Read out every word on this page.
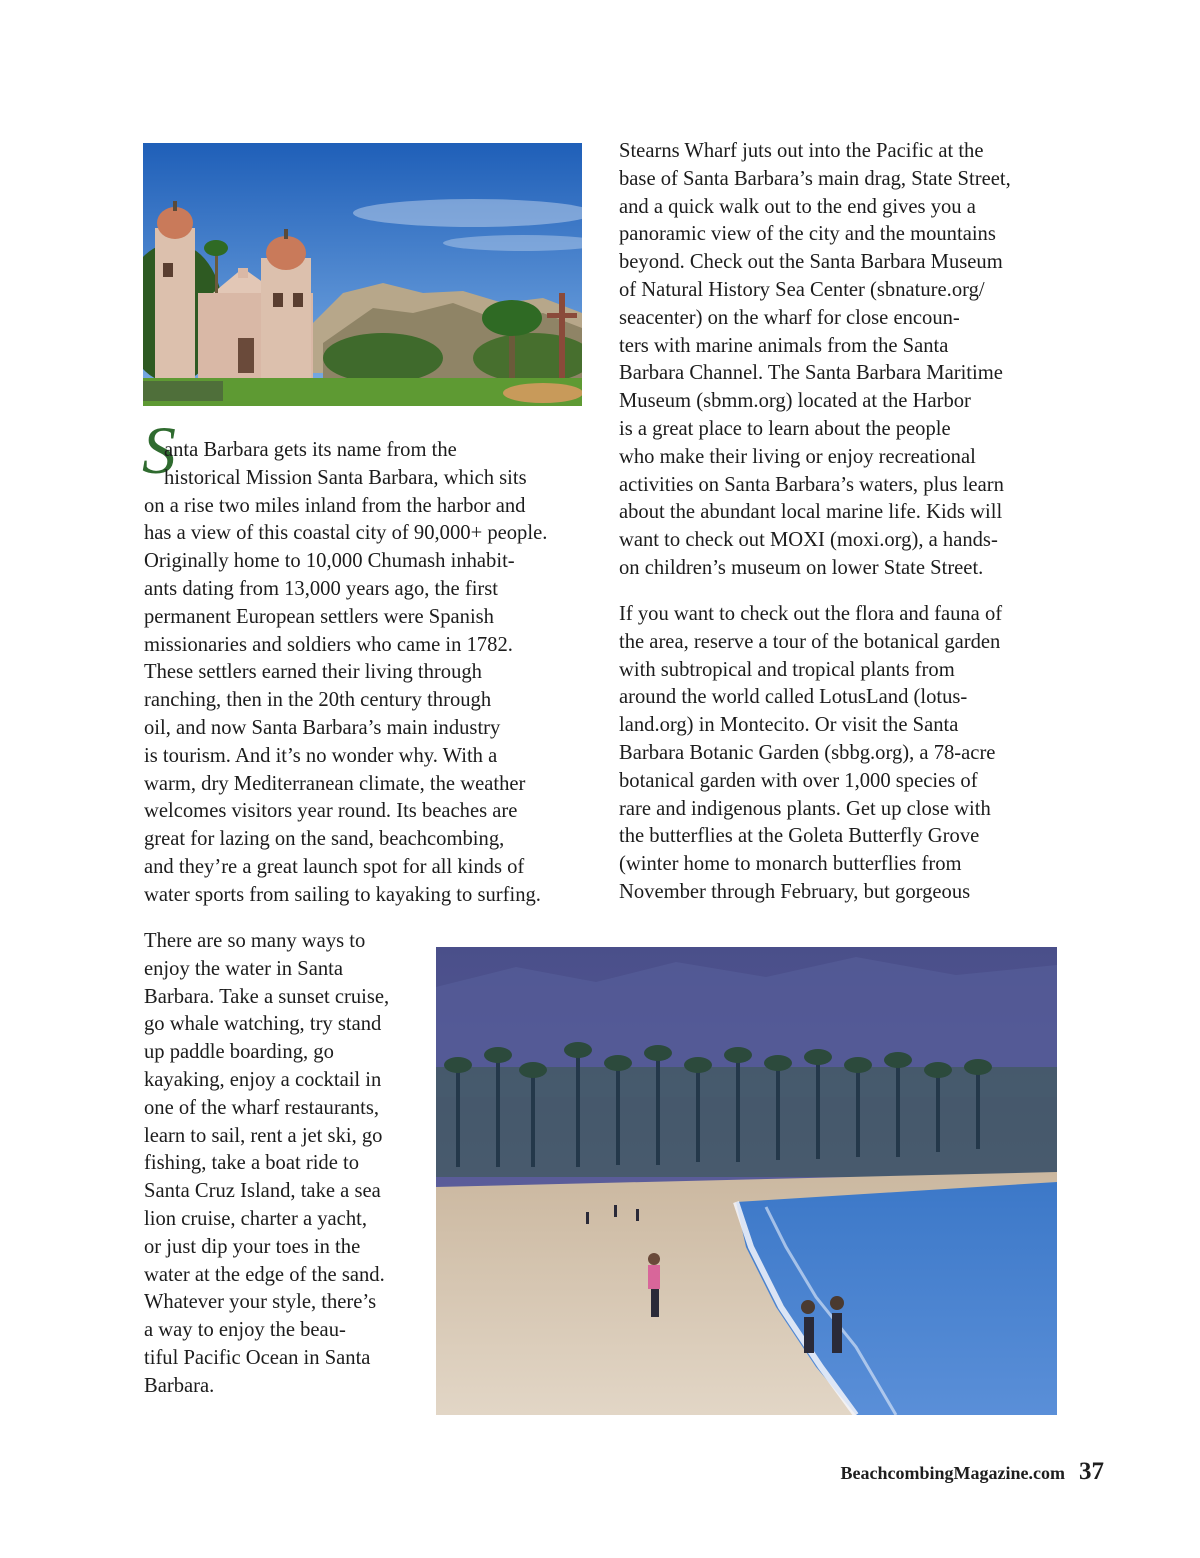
S

anta Barbara gets its name from the
historical Mission Santa Barbara, which sits
on a rise two miles inland from the harbor and
has a view of this coastal city of 90,000+ people.
Originally home to 10,000 Chumash inhabit-
ants dating from 13,000 years ago, the first
permanent European settlers were Spanish
missionaries and soldiers who came in 1782.
These settlers earned their living through
ranching, then in the 20th century through
oil, and now Santa Barbara’s main industry
is tourism. And it’s no wonder why. With a
warm, dry Mediterranean climate, the weather
welcomes visitors year round. Its beaches are
great for lazing on the sand, beachcombing,
and they’re a great launch spot for all kinds of
water sports from sailing to kayaking to surfing.

Stearns Wharf juts out into the Pacific at the
base of Santa Barbara’s main drag, State Street,
and a quick walk out to the end gives you a
panoramic view of the city and the mountains
beyond. Check out the Santa Barbara Museum
of Natural History Sea Center (sbnature.org/
seacenter) on the wharf for close encoun-
ters with marine animals from the Santa
Barbara Channel. The Santa Barbara Maritime
Museum (sbmm.org) located at the Harbor
is a great place to learn about the people
who make their living or enjoy recreational
activities on Santa Barbara’s waters, plus learn
about the abundant local marine life. Kids will
want to check out MOXI (moxi.org), a hands-
on children’s museum on lower State Street.

If you want to check out the flora and fauna of
the area, reserve a tour of the botanical garden
with subtropical and tropical plants from
around the world called LotusLand (lotus-
land.org) in Montecito. Or visit the Santa
Barbara Botanic Garden (sbbg.org), a 78-acre
botanical garden with over 1,000 species of
rare and indigenous plants. Get up close with
the butterflies at the Goleta Butterfly Grove
(winter home to monarch butterflies from
November through February, but gorgeous

There are so many ways to
enjoy the water in Santa
Barbara. Take a sunset cruise,
go whale watching, try stand
up paddle boarding, go
kayaking, enjoy a cocktail in
one of the wharf restaurants,
learn to sail, rent a jet ski, go
fishing, take a boat ride to
Santa Cruz Island, take a sea
lion cruise, charter a yacht,
or just dip your toes in the
water at the edge of the sand.
Whatever your style, there’s
a way to enjoy the beau-
tiful Pacific Ocean in Santa
Barbara.

BeachcombingMagazine.com 37
